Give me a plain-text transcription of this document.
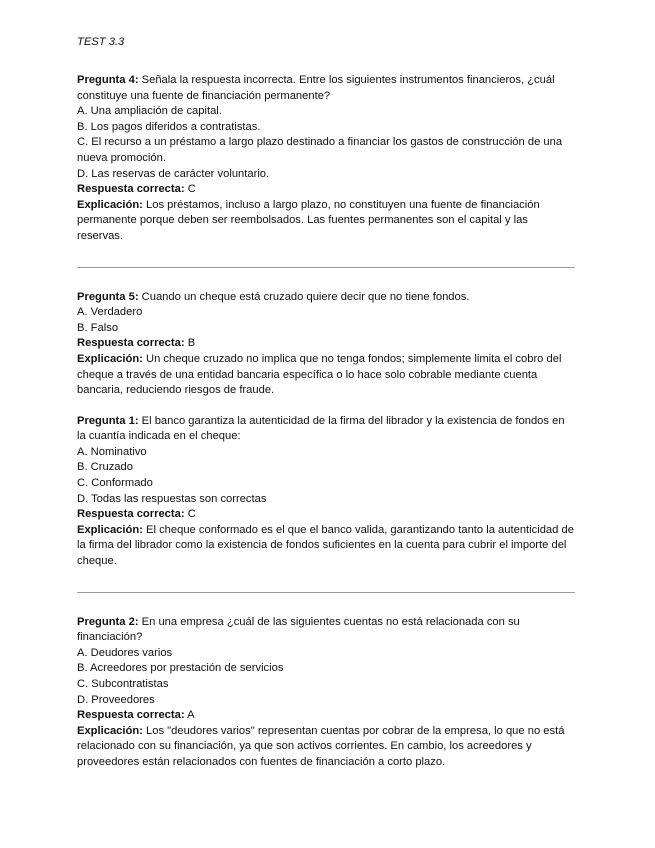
TEST 3.3

Pregunta 4: Señala la respuesta incorrecta. Entre los siguientes instrumentos financieros, ¿cuál constituye una fuente de financiación permanente?

A. Una ampliación de capital.

B. Los pagos diferidos a contratistas.

C. El recurso a un préstamo a largo plazo destinado a financiar los gastos de construcción de una nueva promoción.

D. Las reservas de carácter voluntario.

Respuesta correcta: C

Explicación: Los préstamos, incluso a largo plazo, no constituyen una fuente de financiación permanente porque deben ser reembolsados. Las fuentes permanentes son el capital y las reservas.

Pregunta 5: Cuando un cheque está cruzado quiere decir que no tiene fondos.

A. Verdadero

B. Falso

Respuesta correcta: B

Explicación: Un cheque cruzado no implica que no tenga fondos; simplemente limita el cobro del cheque a través de una entidad bancaria específica o lo hace solo cobrable mediante cuenta bancaria, reduciendo riesgos de fraude.

Pregunta 1: El banco garantiza la autenticidad de la firma del librador y la existencia de fondos en la cuantía indicada en el cheque:

A. Nominativo

B. Cruzado

C. Conformado

D. Todas las respuestas son correctas

Respuesta correcta: C

Explicación: El cheque conformado es el que el banco valida, garantizando tanto la autenticidad de la firma del librador como la existencia de fondos suficientes en la cuenta para cubrir el importe del cheque.

Pregunta 2: En una empresa ¿cuál de las siguientes cuentas no está relacionada con su financiación?

A. Deudores varios

B. Acreedores por prestación de servicios

C. Subcontratistas

D. Proveedores

Respuesta correcta: A

Explicación: Los "deudores varios" representan cuentas por cobrar de la empresa, lo que no está relacionado con su financiación, ya que son activos corrientes. En cambio, los acreedores y proveedores están relacionados con fuentes de financiación a corto plazo.
